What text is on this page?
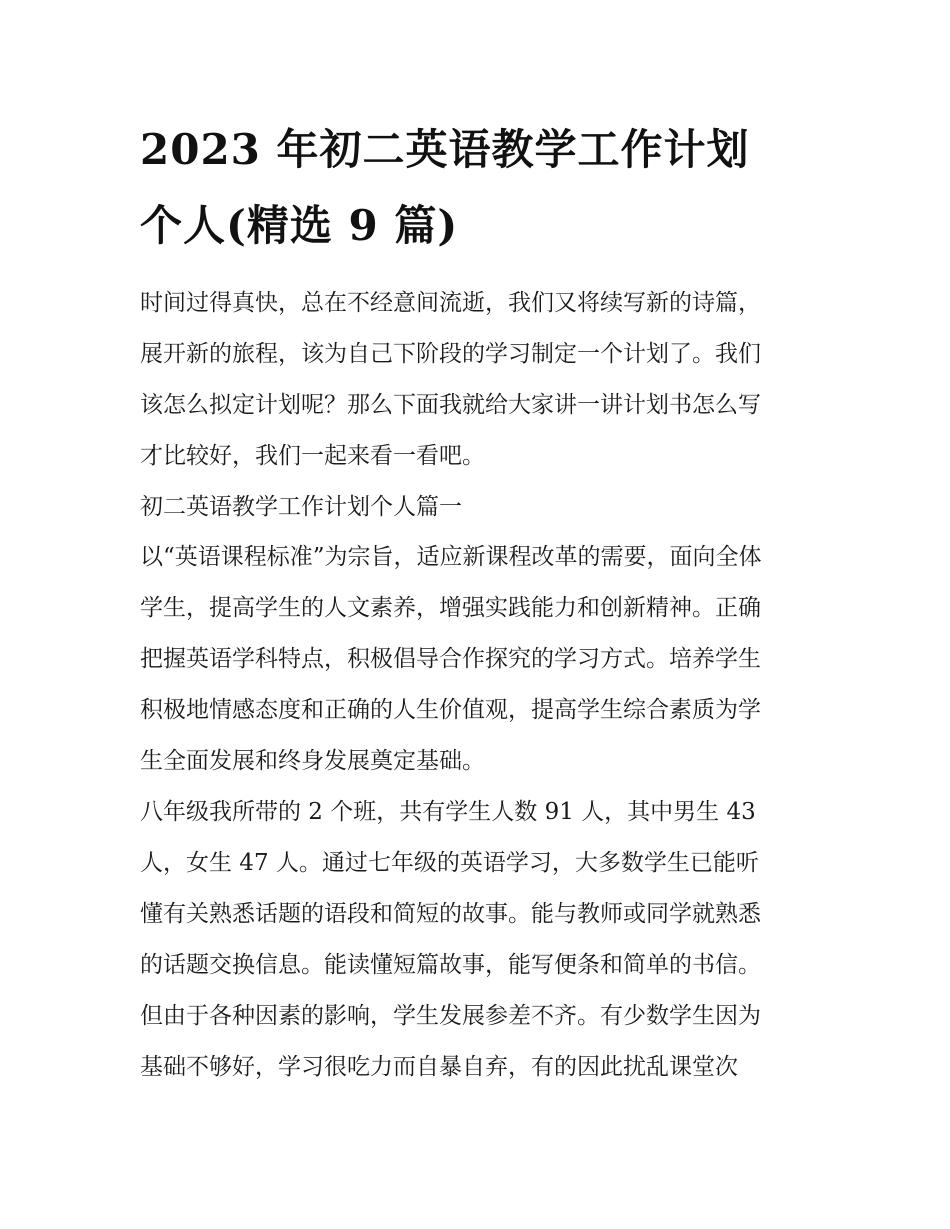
2023 年初二英语教学工作计划
个人(精选 9 篇)
时间过得真快，总在不经意间流逝，我们又将续写新的诗篇，
展开新的旅程，该为自己下阶段的学习制定一个计划了。我们
该怎么拟定计划呢？那么下面我就给大家讲一讲计划书怎么写
才比较好，我们一起来看一看吧。
初二英语教学工作计划个人篇一
以“英语课程标准”为宗旨，适应新课程改革的需要，面向全体
学生，提高学生的人文素养，增强实践能力和创新精神。正确
把握英语学科特点，积极倡导合作探究的学习方式。培养学生
积极地情感态度和正确的人生价值观，提高学生综合素质为学
生全面发展和终身发展奠定基础。
八年级我所带的 2 个班，共有学生人数 91 人，其中男生 43
人，女生 47 人。通过七年级的英语学习，大多数学生已能听
懂有关熟悉话题的语段和简短的故事。能与教师或同学就熟悉
的话题交换信息。能读懂短篇故事，能写便条和简单的书信。
但由于各种因素的影响，学生发展参差不齐。有少数学生因为
基础不够好，学习很吃力而自暴自弃，有的因此扰乱课堂次
